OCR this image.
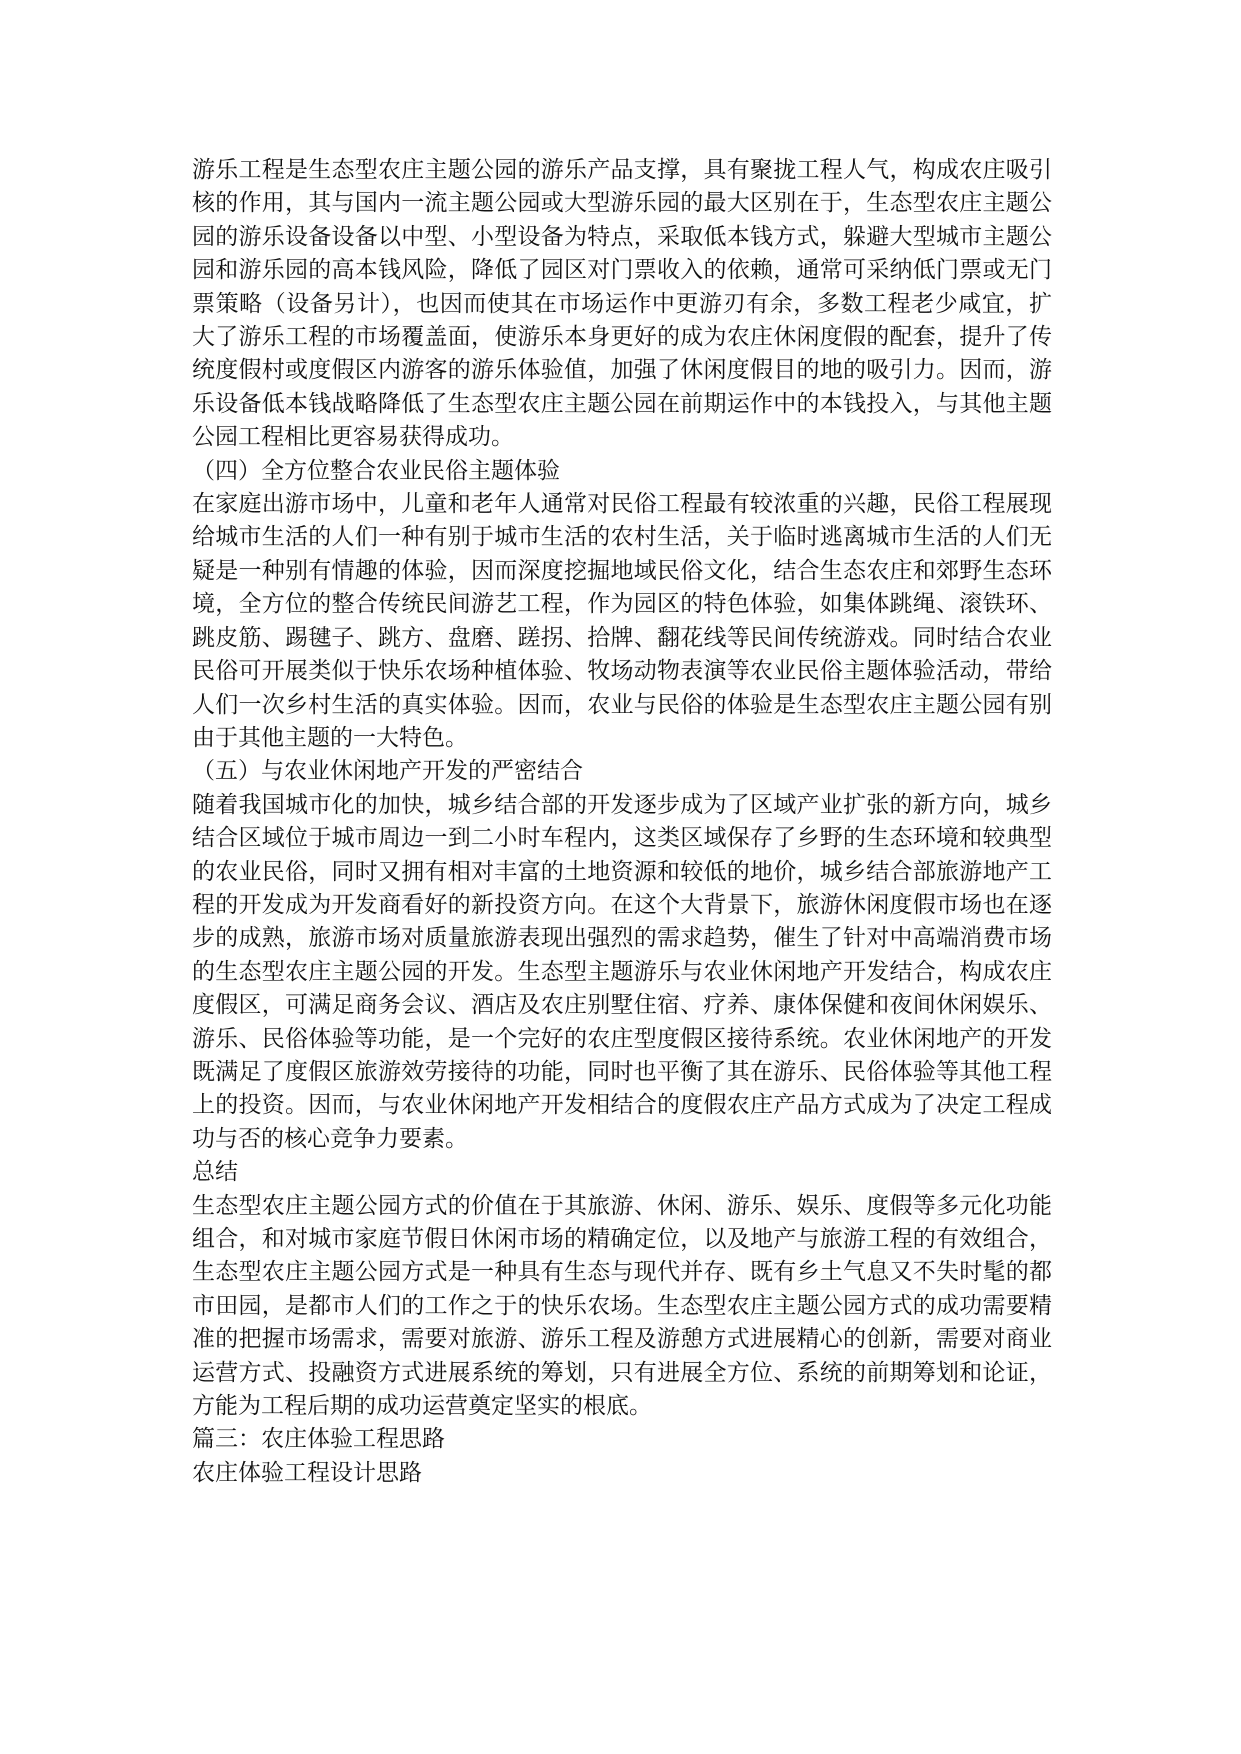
游乐工程是生态型农庄主题公园的游乐产品支撑，具有聚拢工程人气，构成农庄吸引核的作用，其与国内一流主题公园或大型游乐园的最大区别在于，生态型农庄主题公园的游乐设备设备以中型、小型设备为特点，采取低本钱方式，躲避大型城市主题公园和游乐园的高本钱风险，降低了园区对门票收入的依赖，通常可采纳低门票或无门票策略（设备另计），也因而使其在市场运作中更游刃有余，多数工程老少咸宜，扩大了游乐工程的市场覆盖面，使游乐本身更好的成为农庄休闲度假的配套，提升了传统度假村或度假区内游客的游乐体验值，加强了休闲度假目的地的吸引力。因而，游乐设备低本钱战略降低了生态型农庄主题公园在前期运作中的本钱投入，与其他主题公园工程相比更容易获得成功。

（四）全方位整合农业民俗主题体验

在家庭出游市场中，儿童和老年人通常对民俗工程最有较浓重的兴趣，民俗工程展现给城市生活的人们一种有别于城市生活的农村生活，关于临时逃离城市生活的人们无疑是一种别有情趣的体验，因而深度挖掘地域民俗文化，结合生态农庄和郊野生态环境，全方位的整合传统民间游艺工程，作为园区的特色体验，如集体跳绳、滚铁环、跳皮筋、踢毽子、跳方、盘磨、蹉拐、拾牌、翻花线等民间传统游戏。同时结合农业民俗可开展类似于快乐农场种植体验、牧场动物表演等农业民俗主题体验活动，带给人们一次乡村生活的真实体验。因而，农业与民俗的体验是生态型农庄主题公园有别由于其他主题的一大特色。

（五）与农业休闲地产开发的严密结合

随着我国城市化的加快，城乡结合部的开发逐步成为了区域产业扩张的新方向，城乡结合区域位于城市周边一到二小时车程内，这类区域保存了乡野的生态环境和较典型的农业民俗，同时又拥有相对丰富的土地资源和较低的地价，城乡结合部旅游地产工程的开发成为开发商看好的新投资方向。在这个大背景下，旅游休闲度假市场也在逐步的成熟，旅游市场对质量旅游表现出强烈的需求趋势，催生了针对中高端消费市场的生态型农庄主题公园的开发。生态型主题游乐与农业休闲地产开发结合，构成农庄度假区，可满足商务会议、酒店及农庄别墅住宿、疗养、康体保健和夜间休闲娱乐、游乐、民俗体验等功能，是一个完好的农庄型度假区接待系统。农业休闲地产的开发既满足了度假区旅游效劳接待的功能，同时也平衡了其在游乐、民俗体验等其他工程上的投资。因而，与农业休闲地产开发相结合的度假农庄产品方式成为了决定工程成功与否的核心竞争力要素。

总结

生态型农庄主题公园方式的价值在于其旅游、休闲、游乐、娱乐、度假等多元化功能组合，和对城市家庭节假日休闲市场的精确定位，以及地产与旅游工程的有效组合，生态型农庄主题公园方式是一种具有生态与现代并存、既有乡土气息又不失时髦的都市田园，是都市人们的工作之于的快乐农场。生态型农庄主题公园方式的成功需要精准的把握市场需求，需要对旅游、游乐工程及游憩方式进展精心的创新，需要对商业运营方式、投融资方式进展系统的筹划，只有进展全方位、系统的前期筹划和论证，方能为工程后期的成功运营奠定坚实的根底。

篇三：农庄体验工程思路

农庄体验工程设计思路
